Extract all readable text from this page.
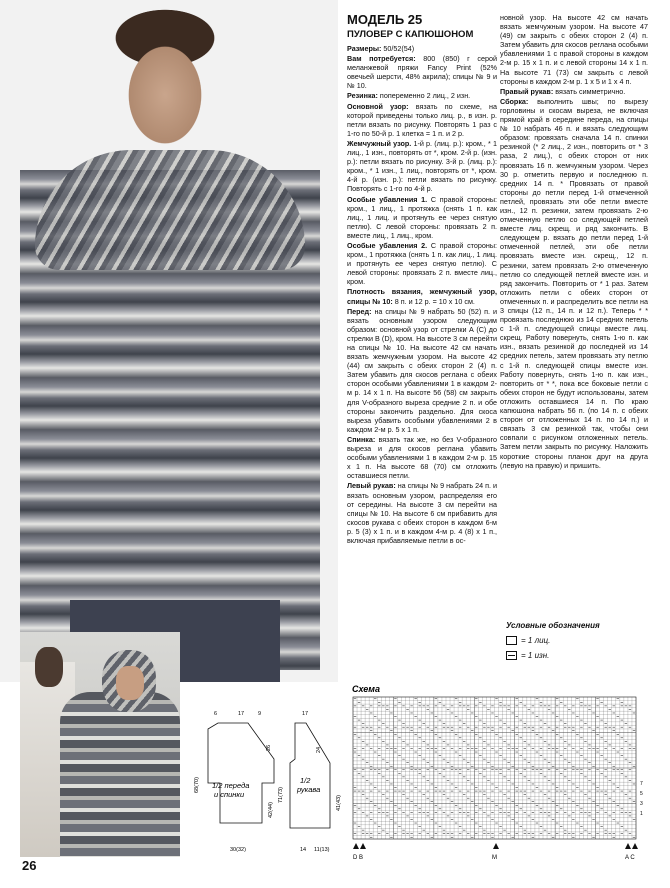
26
МОДЕЛЬ 25
ПУЛОВЕР С КАПЮШОНОМ

Размеры: 50/52(54)

Вам потребуется: 800 (850) г серой меланжевой пряжи Fancy Print (52% овечьей шерсти, 48% акрила); спицы № 9 и № 10.

Резинка: попеременно 2 лиц., 2 изн.

Основной узор: вязать по схеме, на которой приведены только лиц. р., в изн. р. петли вязать по рисунку. Повторять 1 раз с 1-го по 50-й р. 1 клетка = 1 п. и 2 р.

Жемчужный узор. 1-й р. (лиц. р.): кром., * 1 лиц., 1 изн., повторять от *, кром. 2-й р. (изн. р.): петли вязать по рисунку. 3-й р. (лиц. р.): кром., * 1 изн., 1 лиц., повторять от *, кром. 4-й р. (изн. р.): петли вязать по рисунку. Повторять с 1-го по 4-й р.

Особые убавления 1. С правой стороны: кром., 1 лиц., 1 протяжка (снять 1 п. как лиц., 1 лиц. и протянуть ее через снятую петлю). С левой стороны: провязать 2 п. вместе лиц., 1 лиц., кром.

Особые убавления 2. С правой стороны: кром., 1 протяжка (снять 1 п. как лиц., 1 лиц. и протянуть ее через снятую петлю). С левой стороны: провязать 2 п. вместе лиц., кром.

Плотность вязания, жемчужный узор, спицы № 10: 8 п. и 12 р. = 10 х 10 см.

Перед: на спицы № 9 набрать 50 (52) п. и вязать основным узором следующим образом: основной узор от стрелки А (С) до стрелки В (D), кром. На высоте 3 см перейти на спицы № 10. На высоте 42 см начать вязать жемчужным узором. На высоте 42 (44) см закрыть с обеих сторон 2 (4) п. Затем убавить для скосов реглана с обеих сторон особыми убавлениями 1 в каждом 2-м р. 14 х 1 п. На высоте 56 (58) см закрыть для V-образного выреза средние 2 п. и обе стороны закончить раздельно. Для скоса выреза убавить особыми убавлениями 2 в каждом 2-м р. 5 х 1 п.

Спинка: вязать так же, но без V-образного выреза и для скосов реглана убавить особыми убавлениями 1 в каждом 2-м р. 15 х 1 п. На высоте 68 (70) см отложить оставшиеся петли.

Левый рукав: на спицы № 9 набрать 24 п. и вязать основным узором, распределяя его от середины. На высоте 3 см перейти на спицы № 10. На высоте 6 см прибавить для скосов рукава с обеих сторон в каждом 6-м р. 5 (3) х 1 п. и в каждом 4-м р. 4 (8) х 1 п., включая прибавляемые петли в ос-

новной узор. На высоте 42 см начать вязать жемчужным узором. На высоте 47 (49) см закрыть с обеих сторон 2 (4) п. Затем убавить для скосов реглана особыми убавлениями 1 с правой стороны в каждом 2-м р. 15 х 1 п. и с левой стороны 14 х 1 п. На высоте 71 (73) см закрыть с левой стороны в каждом 2-м р. 1 х 5 и 1 х 4 п.

Правый рукав: вязать симметрично.

Сборка: выполнить швы; по вырезу горловины и скосам выреза, не включая прямой край в середине переда, на спицы № 10 набрать 46 п. и вязать следующим образом: провязать сначала 14 п. спинки резинкой (* 2 лиц., 2 изн., повторить от * 3 раза, 2 лиц.), с обеих сторон от них провязать 16 п. жемчужным узором. Через 30 р. отметить первую и последнюю п. средних 14 п. * Провязать от правой стороны до петли перед 1-й отмеченной петлей, провязать эти обе петли вместе изн., 12 п. резинки, затем провязать 2-ю отмеченную петлю со следующей петлей вместе лиц. скрещ. и ряд закончить. В следующем р. вязать до петли перед 1-й отмеченной петлей, эти обе петли провязать вместе изн. скрещ., 12 п. резинки, затем провязать 2-ю отмеченную петлю со следующей петлей вместе изн. и ряд закончить. Повторить от * 1 раз. Затем отложить петли с обеих сторон от отмеченных п. и распределить все петли на 3 спицы (12 п., 14 п. и 12 п.). Теперь * * провязать последнюю из 14 средних петель с 1-й п. следующей спицы вместе лиц. скрещ. Работу повернуть, снять 1-ю п. как изн., вязать резинкой до последней из 14 средних петель, затем провязать эту петлю с 1-й п. следующей спицы вместе изн. Работу повернуть, снять 1-ю п. как изн., повторить от * *, пока все боковые петли с обеих сторон не будут использованы, затем отложить оставшиеся 14 п. По краю капюшона набрать 56 п. (по 14 п. с обеих сторон от отложенных 14 п. по 14 п.) и связать 3 см резинкой так, чтобы они совпали с рисунком отложенных петель. Затем петли закрыть по рисунку. Наложить короткие стороны планок друг на друга (левую на правую) и пришить.

Условные обозначения
= 1 лиц.
= 1 изн.
1/2 переда
и спинки
6	17
68(70)
42(44)
26
30(32)
1/2
рукава
9	17
24
71(73)
41(43)
14 11(13)
Схема
D B	M	A C
7
5
3
1
